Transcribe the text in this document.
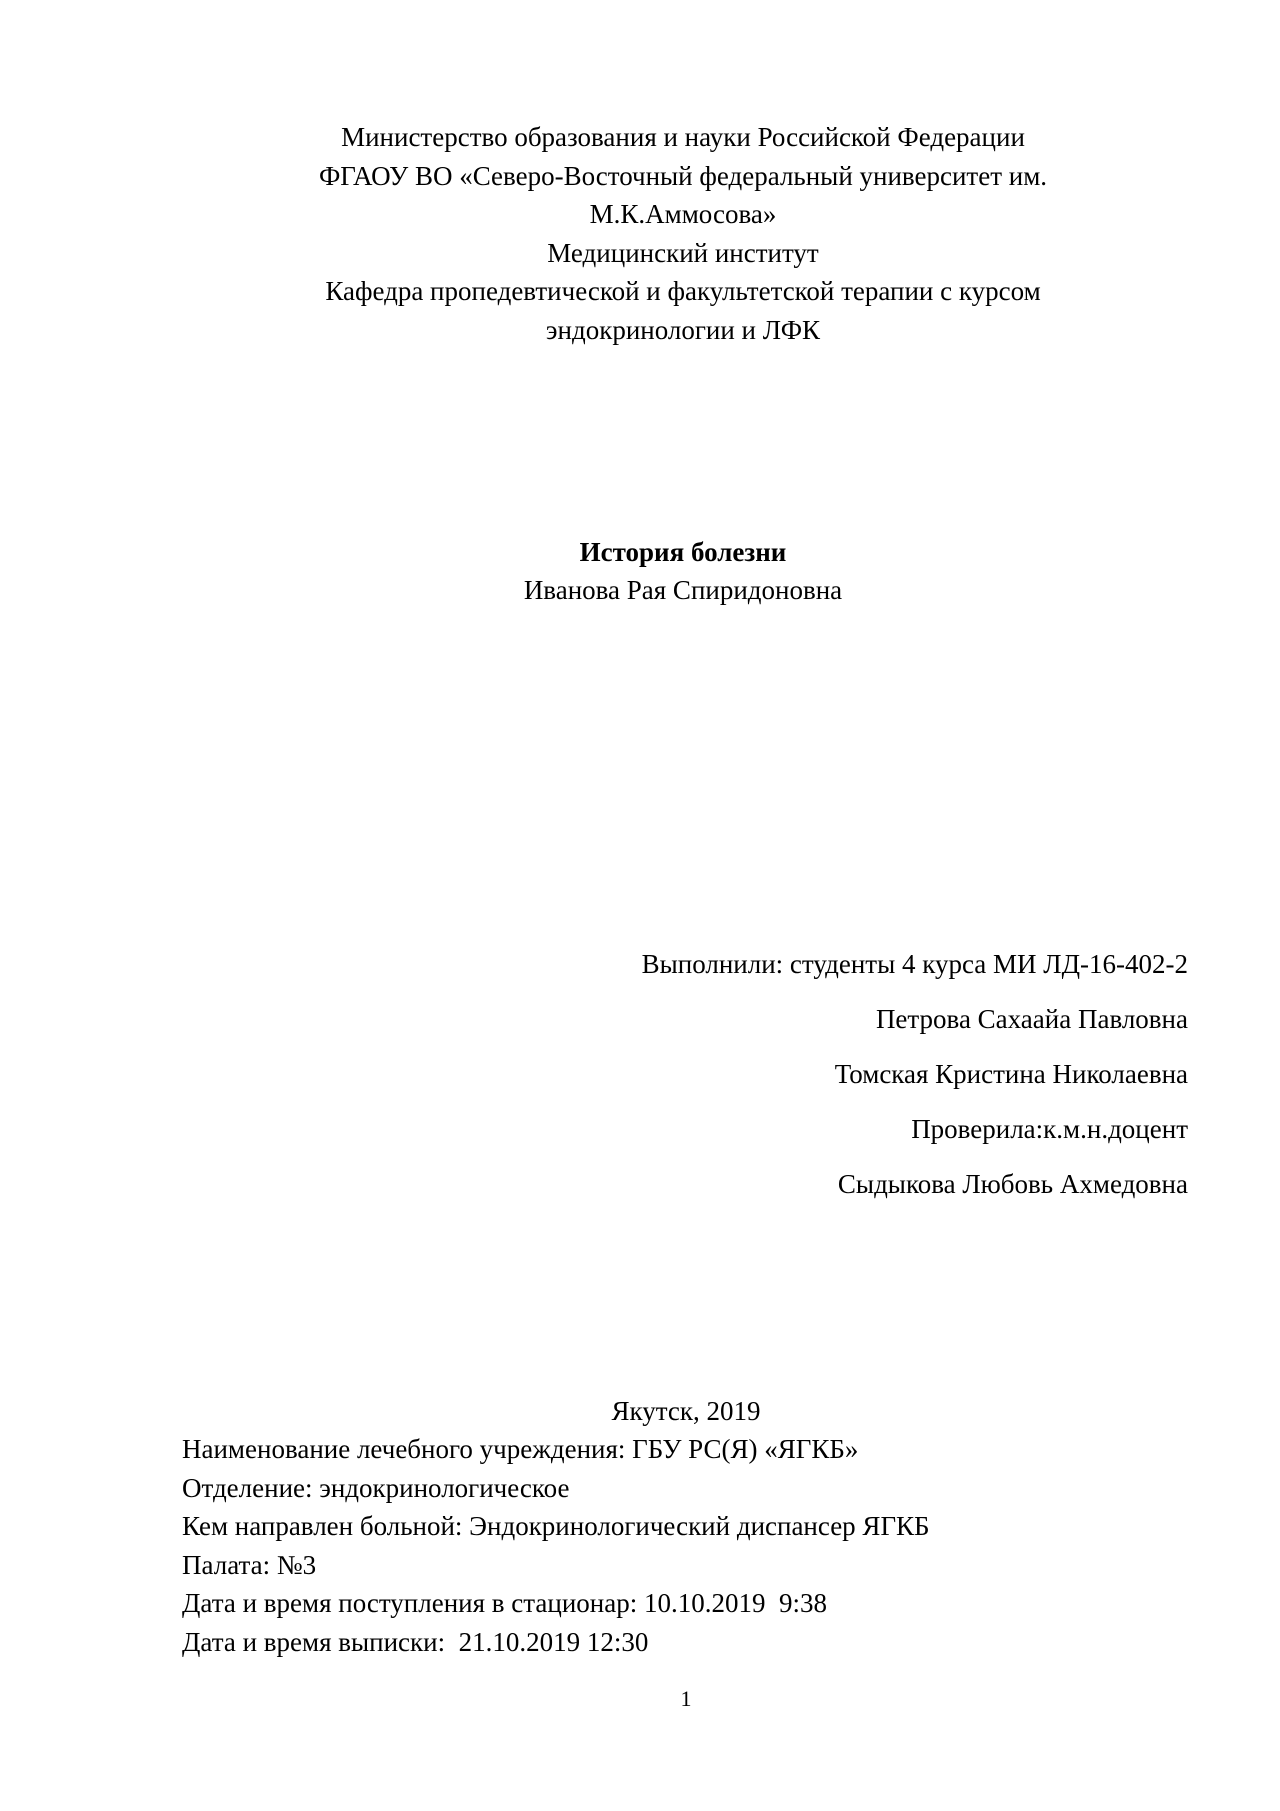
Министерство образования и науки Российской Федерации
ФГАОУ ВО «Северо-Восточный федеральный университет им.
М.К.Аммосова»
Медицинский институт
Кафедра пропедевтической и факультетской терапии с курсом
эндокринологии и ЛФК
История болезни
Иванова Рая Спиридоновна
Выполнили: студенты 4 курса МИ ЛД-16-402-2
Петрова Сахаайа Павловна
Томская Кристина Николаевна
Проверила:к.м.н.доцент
Сыдыкова Любовь Ахмедовна
Якутск, 2019
Наименование лечебного учреждения: ГБУ РС(Я) «ЯГКБ»
Отделение: эндокринологическое
Кем направлен больной: Эндокринологический диспансер ЯГКБ
Палата: №3
Дата и время поступления в стационар: 10.10.2019  9:38
Дата и время выписки:  21.10.2019 12:30
1
